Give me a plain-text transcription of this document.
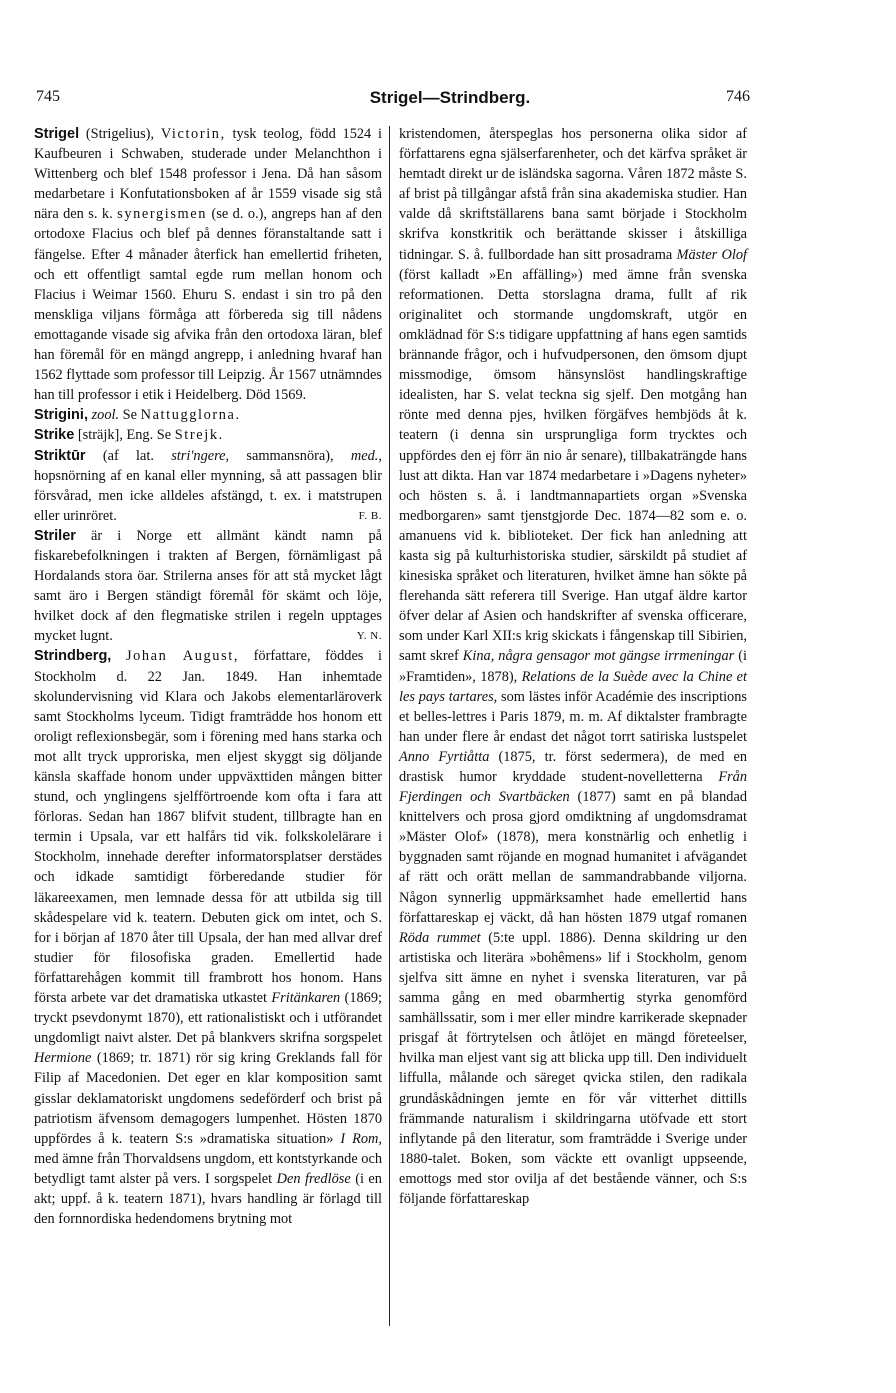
745	Strigel—Strindberg.	746

Strigel (Strigelius), Victorin, tysk teolog, född 1524 i Kaufbeuren i Schwaben, studerade under Melanchthon i Wittenberg och blef 1548 professor i Jena. Då han såsom medarbetare i Konfutationsboken af år 1559 visade sig stå nära den s. k. synergismen (se d. o.), angreps han af den ortodoxe Flacius och blef på dennes föranstaltande satt i fängelse. Efter 4 månader återfick han emellertid friheten, och ett offentligt samtal egde rum mellan honom och Flacius i Weimar 1560. Ehuru S. endast i sin tro på den menskliga viljans förmåga att förbereda sig till nådens emottagande visade sig afvika från den ortodoxa läran, blef han föremål för en mängd angrepp, i anledning hvaraf han 1562 flyttade som professor till Leipzig. År 1567 utnämndes han till professor i etik i Heidelberg. Död 1569.

Strigini, zool. Se Nattugglorna.

Strike [sträjk], Eng. Se Strejk.

Striktūr (af lat. stri'ngere, sammansnöra), med., hopsnörning af en kanal eller mynning, så att passagen blir försvårad, men icke alldeles afstängd, t. ex. i matstrupen eller urinröret.	F. B.

Striler är i Norge ett allmänt kändt namn på fiskarebefolkningen i trakten af Bergen, förnämligast på Hordalands stora öar. Strilerna anses för att stå mycket lågt samt äro i Bergen ständigt föremål för skämt och löje, hvilket dock af den flegmatiske strilen i regeln upptages mycket lugnt.	Y. N.

Strindberg, Johan August, författare, föddes i Stockholm d. 22 Jan. 1849. Han inhemtade skolundervisning vid Klara och Jakobs elementarläroverk samt Stockholms lyceum. Tidigt framträdde hos honom ett oroligt reflexionsbegär, som i förening med hans starka och mot allt tryck upproriska, men eljest skyggt sig döljande känsla skaffade honom under uppväxttiden mången bitter stund, och ynglingens sjelfförtroende kom ofta i fara att förloras. Sedan han 1867 blifvit student, tillbragte han en termin i Upsala, var ett halfårs tid vik. folkskolelärare i Stockholm, innehade derefter informatorsplatser derstädes och idkade samtidigt förberedande studier för läkareexamen, men lemnade dessa för att utbilda sig till skådespelare vid k. teatern. Debuten gick om intet, och S. for i början af 1870 åter till Upsala, der han med allvar dref studier för filosofiska graden. Emellertid hade författarehågen kommit till frambrott hos honom. Hans första arbete var det dramatiska utkastet Fritänkaren (1869; tryckt psevdonymt 1870), ett rationalistiskt och i utförandet ungdomligt naivt alster. Det på blankvers skrifna sorgspelet Hermione (1869; tr. 1871) rör sig kring Greklands fall för Filip af Macedonien. Det eger en klar komposition samt gisslar deklamatoriskt ungdomens sedeförderf och brist på patriotism äfvensom demagogers lumpenhet. Hösten 1870 uppfördes å k. teatern S:s »dramatiska situation» I Rom, med ämne från Thorvaldsens ungdom, ett kontstyrkande och betydligt tamt alster på vers. I sorgspelet Den fredlöse (i en akt; uppf. å k. teatern 1871), hvars handling är förlagd till den fornnordiska hedendomens brytning mot

kristendomen, återspeglas hos personerna olika sidor af författarens egna själserfarenheter, och det kärfva språket är hemtadt direkt ur de isländska sagorna. Våren 1872 måste S. af brist på tillgångar afstå från sina akademiska studier. Han valde då skriftställarens bana samt började i Stockholm skrifva konstkritik och berättande skisser i åtskilliga tidningar. S. å. fullbordade han sitt prosadrama Mäster Olof (först kalladt »En affälling») med ämne från svenska reformationen. Detta storslagna drama, fullt af rik originalitet och stormande ungdomskraft, utgör en omklädnad för S:s tidigare uppfattning af hans egen samtids brännande frågor, och i hufvudpersonen, den ömsom djupt missmodige, ömsom hänsynslöst handlingskraftige idealisten, har S. velat teckna sig sjelf. Den motgång han rönte med denna pjes, hvilken förgäfves hembjöds åt k. teatern (i denna sin ursprungliga form trycktes och uppfördes den ej förr än nio år senare), tillbakaträngde hans lust att dikta. Han var 1874 medarbetare i »Dagens nyheter» och hösten s. å. i landtmannapartiets organ »Svenska medborgaren» samt tjenstgjorde Dec. 1874—82 som e. o. amanuens vid k. biblioteket. Der fick han anledning att kasta sig på kulturhistoriska studier, särskildt på studiet af kinesiska språket och literaturen, hvilket ämne han sökte på flerehanda sätt referera till Sverige. Han utgaf äldre kartor öfver delar af Asien och handskrifter af svenska officerare, som under Karl XII:s krig skickats i fångenskap till Sibirien, samt skref Kina, några gensagor mot gängse irrmeningar (i »Framtiden», 1878), Relations de la Suède avec la Chine et les pays tartares, som lästes inför Académie des inscriptions et belles-lettres i Paris 1879, m. m. Af diktalster frambragte han under flere år endast det något torrt satiriska lustspelet Anno Fyrtiåtta (1875, tr. först sedermera), de med en drastisk humor kryddade student-novelletterna Från Fjerdingen och Svartbäcken (1877) samt en på blandad knittelvers och prosa gjord omdiktning af ungdomsdramat »Mäster Olof» (1878), mera konstnärlig och enhetlig i byggnaden samt röjande en mognad humanitet i afvägandet af rätt och orätt mellan de sammandrabbande viljorna. Någon synnerlig uppmärksamhet hade emellertid hans författareskap ej väckt, då han hösten 1879 utgaf romanen Röda rummet (5:te uppl. 1886). Denna skildring ur den artistiska och literära »bohêmens» lif i Stockholm, genom sjelfva sitt ämne en nyhet i svenska literaturen, var på samma gång en med obarmhertig styrka genomförd samhällssatir, som i mer eller mindre karrikerade skepnader prisgaf åt förtrytelsen och åtlöjet en mängd företeelser, hvilka man eljest vant sig att blicka upp till. Den individuelt liffulla, målande och säreget qvicka stilen, den radikala grundåskådningen jemte en för vår vitterhet dittills främmande naturalism i skildringarna utöfvade ett stort inflytande på den literatur, som framträdde i Sverige under 1880-talet. Boken, som väckte ett ovanligt uppseende, emottogs med stor ovilja af det bestående vänner, och S:s följande författareskap
